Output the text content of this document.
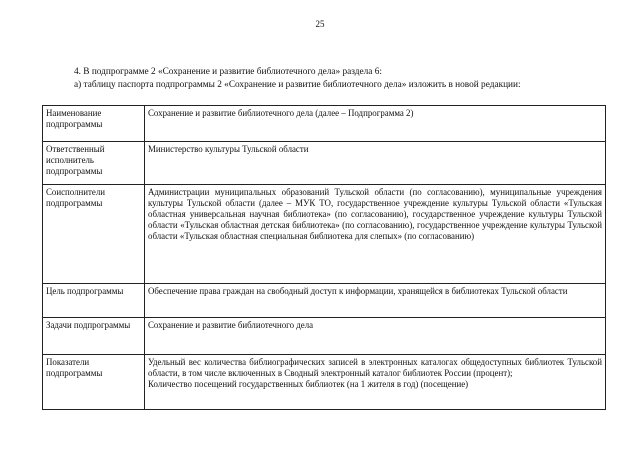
25
4. В подпрограмме 2 «Сохранение и развитие библиотечного дела» раздела 6:
а) таблицу паспорта подпрограммы 2 «Сохранение и развитие библиотечного дела» изложить в новой редакции:
Наименование подпрограммы	Сохранение и развитие библиотечного дела (далее – Подпрограмма 2)
Ответственный исполнитель подпрограммы	Министерство культуры Тульской области
Соисполнители подпрограммы	Администрации муниципальных образований Тульской области (по согласованию), муниципальные учреждения культуры Тульской области (далее – МУК ТО, государственное учреждение культуры Тульской области «Тульская областная универсальная научная библиотека» (по согласованию), государственное учреждение культуры Тульской области «Тульская областная детская библиотека» (по согласованию), государственное учреждение культуры Тульской области «Тульская областная специальная библиотека для слепых» (по согласованию)
Цель подпрограммы	Обеспечение права граждан на свободный доступ к информации, хранящейся в библиотеках Тульской области
Задачи подпрограммы	Сохранение и развитие библиотечного дела
Показатели подпрограммы	Удельный вес количества библиографических записей в электронных каталогах общедоступных библиотек Тульской области, в том числе включенных в Сводный электронный каталог библиотек России (процент);
Количество посещений государственных библиотек (на 1 жителя в год) (посещение)
